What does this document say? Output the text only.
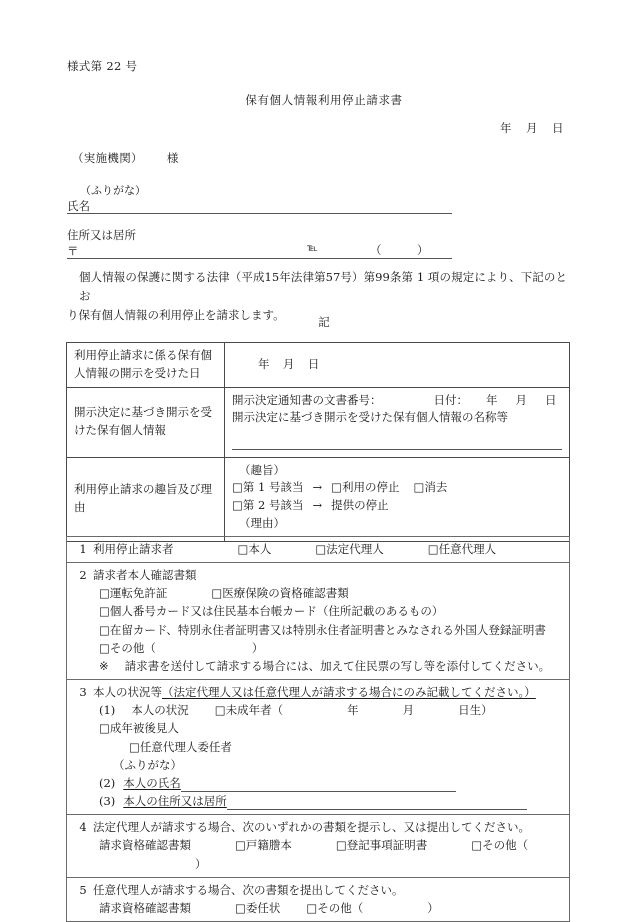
様式第 22 号
保有個人情報利用停止請求書
年 月 日
（実施機関） 様
（ふりがな）
氏名
住所又は居所
〒	℡	（	）
個人情報の保護に関する法律（平成15年法律第57号）第99条第 1 項の規定により、下記のとお
り保有個人情報の利用停止を請求します。
記
利用停止請求に係る保有個人情報の開示を受けた日	年 月 日
開示決定に基づき開示を受けた保有個人情報	開示決定通知書の文書番号： 日付： 年 月 日
開示決定に基づき開示を受けた保有個人情報の名称等

利用停止請求の趣旨及び理由	（趣旨）
□第 1 号該当 → □利用の停止 □消去
□第 2 号該当 → 提供の停止
（理由）
1 利用停止請求者	□本人	□法定代理人	□任意代理人

2 請求者本人確認書類
□運転免許証	□医療保険の資格確認書類
□個人番号カード又は住民基本台帳カード（住所記載のあるもの）
□在留カード、特別永住者証明書又は特別永住者証明書とみなされる外国人登録証明書
□その他（	）
※ 請求書を送付して請求する場合には、加えて住民票の写し等を添付してください。

3 本人の状況等（法定代理人又は任意代理人が請求する場合にのみ記載してください。）
(1) 本人の状況 □未成年者（	年	月	日生）□成年被後見人
□任意代理人委任者
（ふりがな）
(2) 本人の氏名
(3) 本人の住所又は居所

4 法定代理人が請求する場合、次のいずれかの書類を提示し、又は提出してください。
請求資格確認書類	□戸籍謄本	□登記事項証明書	□その他（）

5 任意代理人が請求する場合、次の書類を提出してください。
請求資格確認書類	□委任状 □その他（	）
